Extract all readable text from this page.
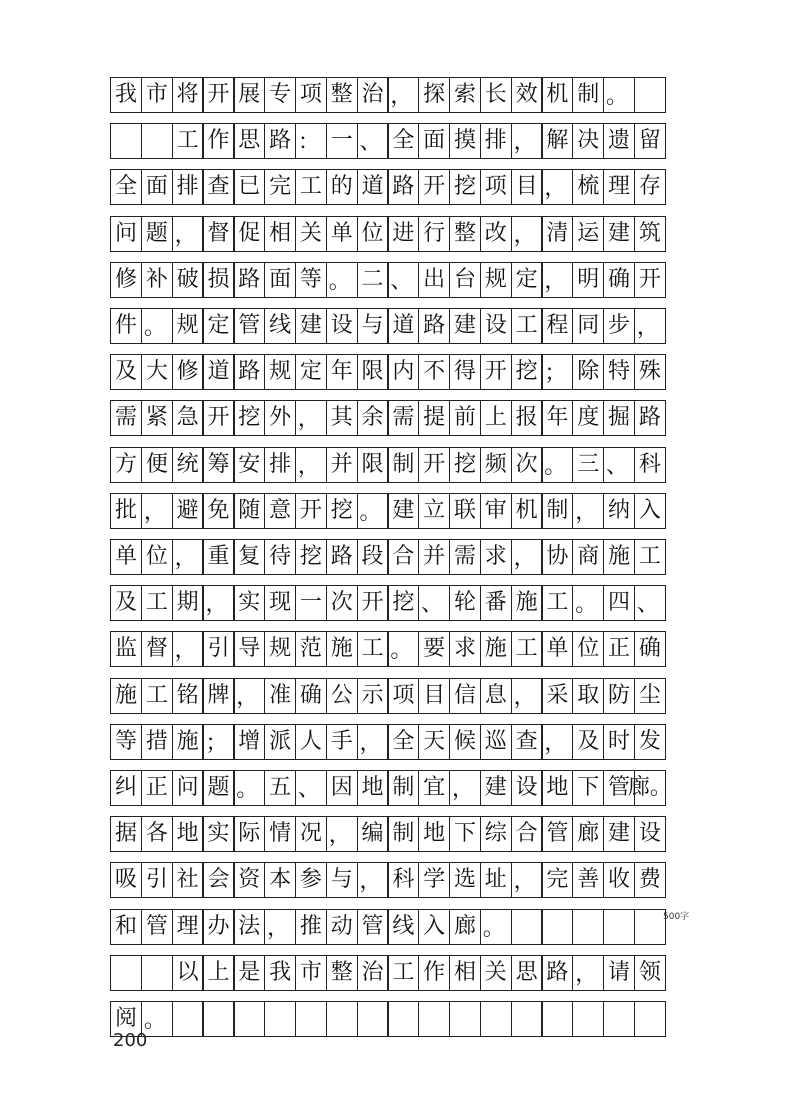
我 市 将 开 展 专 项 整 治 ， 探 索 长 效 机 制 。
工 作 思 路 ： 一 、 全 面 摸 排 ， 解 决 遗 留
全 面 排 查 已 完 工 的 道 路 开 挖 项 目 ， 梳 理 存
问 题 ， 督 促 相 关 单 位 进 行 整 改 ， 清 运 建 筑
修 补 破 损 路 面 等 。 二 、 出 台 规 定 ， 明 确 开
件 。 规 定 管 线 建 设 与 道 路 建 设 工 程 同 步 ，
及 大 修 道 路 规 定 年 限 内 不 得 开 挖 ； 除 特 殊
需 紧 急 开 挖 外 ， 其 余 需 提 前 上 报 年 度 掘 路
方 便 统 筹 安 排 ， 并 限 制 开 挖 频 次 。 三 、 科
批 ， 避 免 随 意 开 挖 。 建 立 联 审 机 制 ， 纳 入
单 位 ， 重 复 待 挖 路 段 合 并 需 求 ， 协 商 施 工
及 工 期 ， 实 现 一 次 开 挖 、 轮 番 施 工 。 四 、
监 督 ， 引 导 规 范 施 工 。 要 求 施 工 单 位 正 确
施 工 铭 牌 ， 准 确 公 示 项 目 信 息 ， 采 取 防 尘
等 措 施 ； 增 派 人 手 ， 全 天 候 巡 查 ， 及 时 发
纠 正 问 题 。 五 、 因 地 制 宜 ， 建 设 地 下 管
廊。
据 各 地 实 际 情 况 ， 编 制 地 下 综 合 管 廊 建 设
吸 引 社 会 资 本 参 与 ， 科 学 选 址 ， 完 善 收 费
和 管 理 办 法 ， 推 动 管 线 入 廊 。
以 上 是 我 市 整 治 工 作 相 关 思 路 ， 请 领
阅 。
500字
200
